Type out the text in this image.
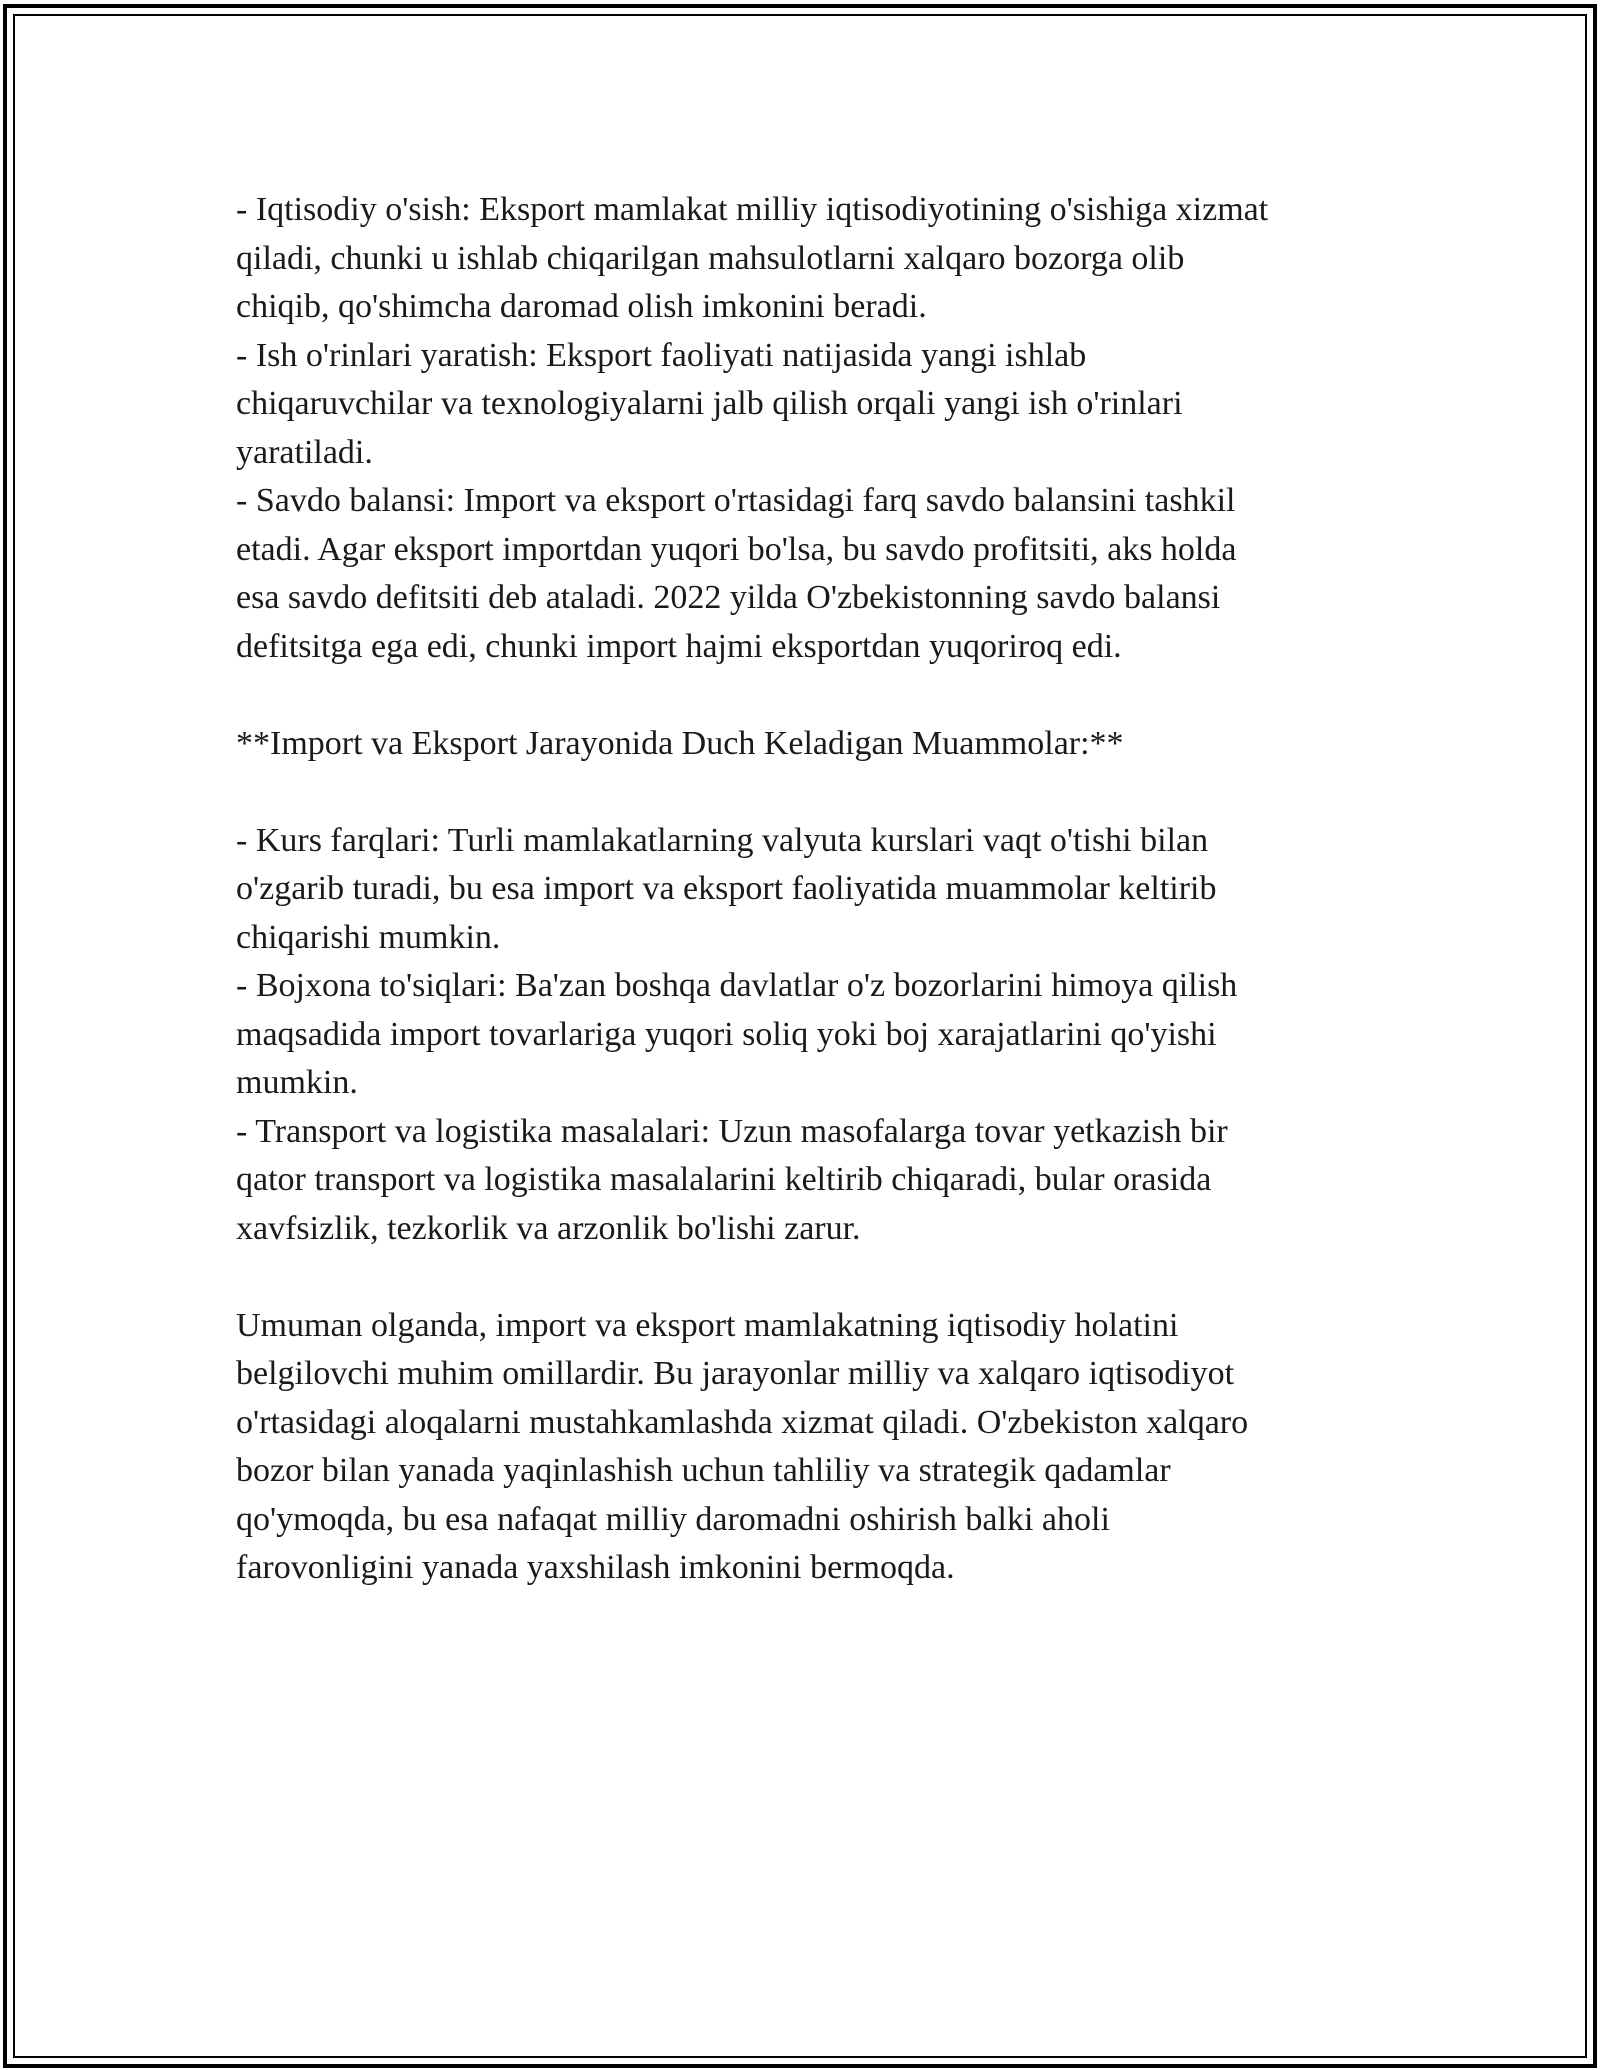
- Iqtisodiy o'sish: Eksport mamlakat milliy iqtisodiyotining o'sishiga xizmat
qiladi, chunki u ishlab chiqarilgan mahsulotlarni xalqaro bozorga olib
chiqib, qo'shimcha daromad olish imkonini beradi.
- Ish o'rinlari yaratish: Eksport faoliyati natijasida yangi ishlab
chiqaruvchilar va texnologiyalarni jalb qilish orqali yangi ish o'rinlari
yaratiladi.
- Savdo balansi: Import va eksport o'rtasidagi farq savdo balansini tashkil
etadi. Agar eksport importdan yuqori bo'lsa, bu savdo profitsiti, aks holda
esa savdo defitsiti deb ataladi. 2022 yilda O'zbekistonning savdo balansi
defitsitga ega edi, chunki import hajmi eksportdan yuqoriroq edi.
**Import va Eksport Jarayonida Duch Keladigan Muammolar:**
- Kurs farqlari: Turli mamlakatlarning valyuta kurslari vaqt o'tishi bilan
o'zgarib turadi, bu esa import va eksport faoliyatida muammolar keltirib
chiqarishi mumkin.
- Bojxona to'siqlari: Ba'zan boshqa davlatlar o'z bozorlarini himoya qilish
maqsadida import tovarlariga yuqori soliq yoki boj xarajatlarini qo'yishi
mumkin.
- Transport va logistika masalalari: Uzun masofalarga tovar yetkazish bir
qator transport va logistika masalalarini keltirib chiqaradi, bular orasida
xavfsizlik, tezkorlik va arzonlik bo'lishi zarur.
Umuman olganda, import va eksport mamlakatning iqtisodiy holatini
belgilovchi muhim omillardir. Bu jarayonlar milliy va xalqaro iqtisodiyot
o'rtasidagi aloqalarni mustahkamlashda xizmat qiladi. O'zbekiston xalqaro
bozor bilan yanada yaqinlashish uchun tahliliy va strategik qadamlar
qo'ymoqda, bu esa nafaqat milliy daromadni oshirish balki aholi
farovonligini yanada yaxshilash imkonini bermoqda.
